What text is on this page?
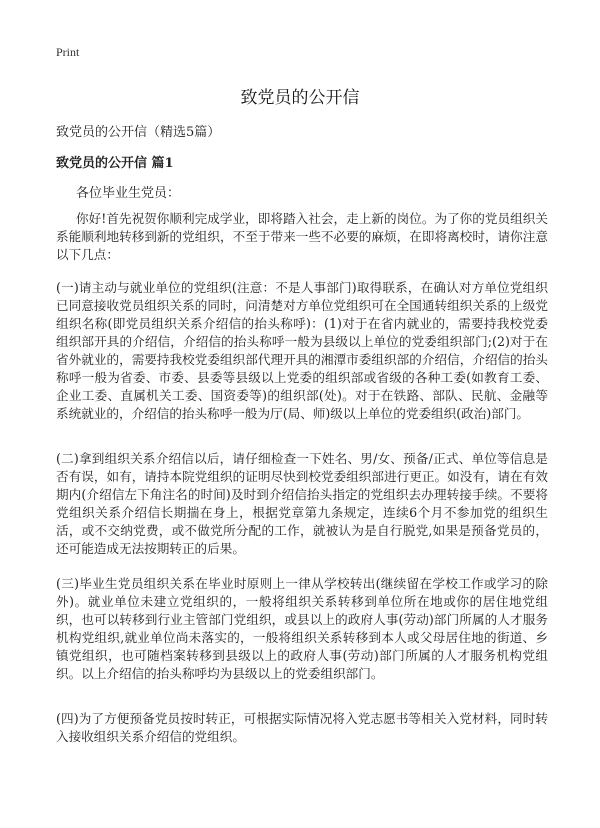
Print
致党员的公开信
致党员的公开信（精选5篇）
致党员的公开信 篇1
各位毕业生党员：
你好!首先祝贺你顺利完成学业，即将踏入社会，走上新的岗位。为了你的党员组织关系能顺利地转移到新的党组织，不至于带来一些不必要的麻烦，在即将离校时，请你注意以下几点：
(一)请主动与就业单位的党组织(注意：不是人事部门)取得联系，在确认对方单位党组织已同意接收党员组织关系的同时，问清楚对方单位党组织可在全国通转组织关系的上级党组织名称(即党员组织关系介绍信的抬头称呼)：(1)对于在省内就业的，需要持我校党委组织部开具的介绍信，介绍信的抬头称呼一般为县级以上单位的党委组织部门;(2)对于在省外就业的，需要持我校党委组织部代理开具的湘潭市委组织部的介绍信，介绍信的抬头称呼一般为省委、市委、县委等县级以上党委的组织部或省级的各种工委(如教育工委、企业工委、直属机关工委、国资委等)的组织部(处)。对于在铁路、部队、民航、金融等系统就业的，介绍信的抬头称呼一般为厅(局、师)级以上单位的党委组织(政治)部门。
(二)拿到组织关系介绍信以后，请仔细检查一下姓名、男/女、预备/正式、单位等信息是否有误，如有，请持本院党组织的证明尽快到校党委组织部进行更正。如没有，请在有效期内(介绍信左下角注名的时间)及时到介绍信抬头指定的党组织去办理转接手续。不要将党组织关系介绍信长期揣在身上，根据党章第九条规定，连续6个月不参加党的组织生活，或不交纳党费，或不做党所分配的工作，就被认为是自行脱党,如果是预备党员的，还可能造成无法按期转正的后果。
(三)毕业生党员组织关系在毕业时原则上一律从学校转出(继续留在学校工作或学习的除外)。就业单位未建立党组织的，一般将组织关系转移到单位所在地或你的居住地党组织，也可以转移到行业主管部门党组织，或县以上的政府人事(劳动)部门所属的人才服务机构党组织,就业单位尚未落实的，一般将组织关系转移到本人或父母居住地的街道、乡镇党组织，也可随档案转移到县级以上的政府人事(劳动)部门所属的人才服务机构党组织。以上介绍信的抬头称呼均为县级以上的党委组织部门。
(四)为了方便预备党员按时转正，可根据实际情况将入党志愿书等相关入党材料，同时转入接收组织关系介绍信的党组织。
